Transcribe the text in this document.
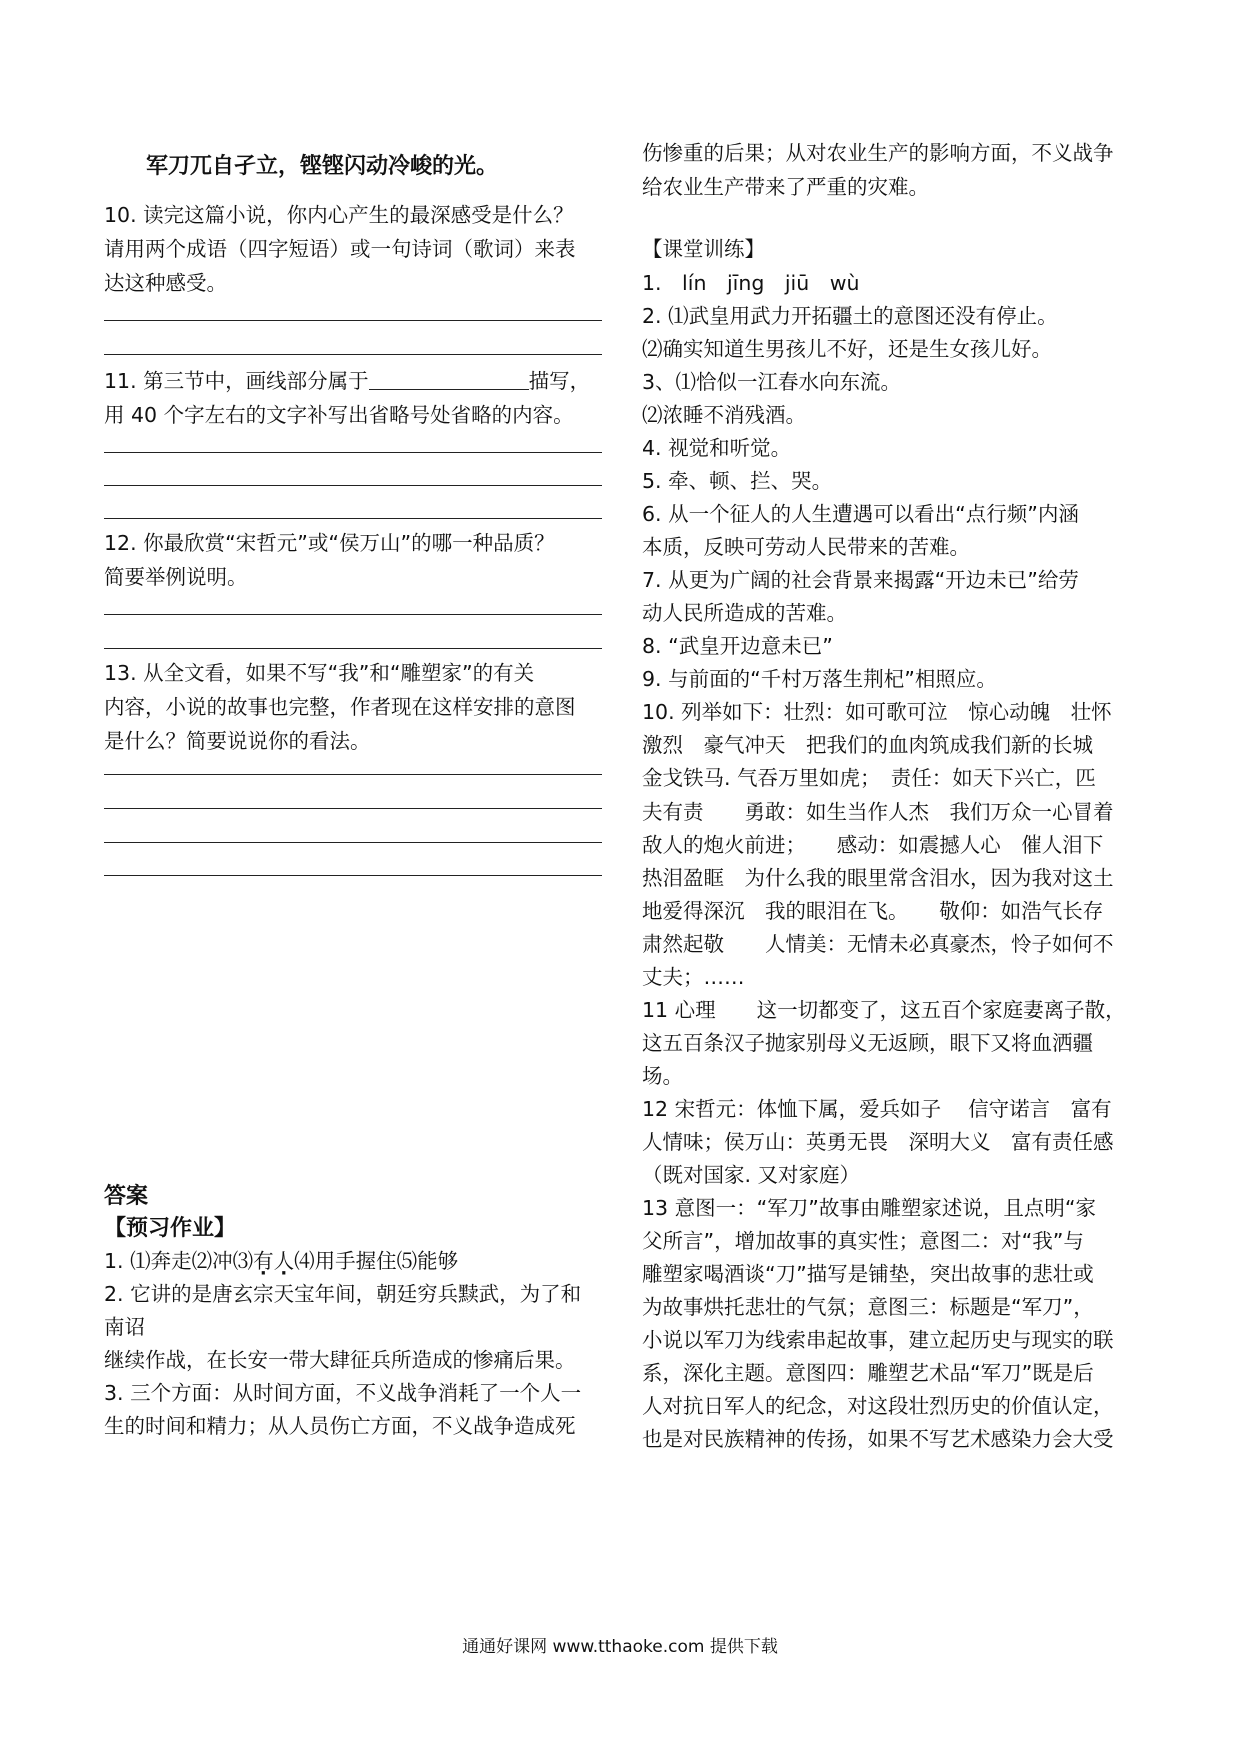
军刀兀自孑立，铿铿闪动冷峻的光。
10. 读完这篇小说，你内心产生的最深感受是什么？
请用两个成语（四字短语）或一句诗词（歌词）来表
达这种感受。
11. 第三节中，画线部分属于	描写，
用 40 个字左右的文字补写出省略号处省略的内容。
12. 你最欣赏“宋哲元”或“侯万山”的哪一种品质？
简要举例说明。
13. 从全文看，如果不写“我”和“雕塑家”的有关
内容，小说的故事也完整，作者现在这样安排的意图
是什么？简要说说你的看法。
答案
【预习作业】
1. ⑴奔走⑵冲⑶有人⑷用手握住⑸能够
2. 它讲的是唐玄宗天宝年间，朝廷穷兵黩武，为了和
南诏
继续作战，在长安一带大肆征兵所造成的惨痛后果。
3. 三个方面：从时间方面，不义战争消耗了一个人一
生的时间和精力；从人员伤亡方面，不义战争造成死
伤惨重的后果；从对农业生产的影响方面，不义战争
给农业生产带来了严重的灾难。
【课堂训练】
1.　lín　jīng　jiū　wù
2. ⑴武皇用武力开拓疆土的意图还没有停止。
⑵确实知道生男孩儿不好，还是生女孩儿好。
3、⑴恰似一江春水向东流。
⑵浓睡不消残酒。
4. 视觉和听觉。
5. 牵、顿、拦、哭。
6. 从一个征人的人生遭遇可以看出“点行频”内涵
本质，反映可劳动人民带来的苦难。
7. 从更为广阔的社会背景来揭露“开边未已”给劳
动人民所造成的苦难。
8. “武皇开边意未已”
9. 与前面的“千村万落生荆杞”相照应。
10. 列举如下：壮烈：如可歌可泣　惊心动魄　壮怀
激烈　豪气冲天　把我们的血肉筑成我们新的长城
金戈铁马. 气吞万里如虎；　责任：如天下兴亡，匹
夫有责　　勇敢：如生当作人杰　我们万众一心冒着
敌人的炮火前进；　　感动：如震撼人心　催人泪下
热泪盈眶　为什么我的眼里常含泪水，因为我对这土
地爱得深沉　我的眼泪在飞。　　敬仰：如浩气长存
肃然起敬　　人情美：无情未必真豪杰，怜子如何不
丈夫；……
11 心理　　这一切都变了，这五百个家庭妻离子散，
这五百条汉子抛家别母义无返顾，眼下又将血洒疆
场。
12 宋哲元：体恤下属，爱兵如子　 信守诺言　富有
人情味；侯万山：英勇无畏　深明大义　富有责任感
（既对国家. 又对家庭）
13 意图一：“军刀”故事由雕塑家述说，且点明“家
父所言”，增加故事的真实性；意图二：对“我”与
雕塑家喝酒谈“刀”描写是铺垫，突出故事的悲壮或
为故事烘托悲壮的气氛；意图三：标题是“军刀”，
小说以军刀为线索串起故事，建立起历史与现实的联
系，深化主题。意图四：雕塑艺术品“军刀”既是后
人对抗日军人的纪念，对这段壮烈历史的价值认定，
也是对民族精神的传扬，如果不写艺术感染力会大受
通通好课网 www.tthaoke.com 提供下载
